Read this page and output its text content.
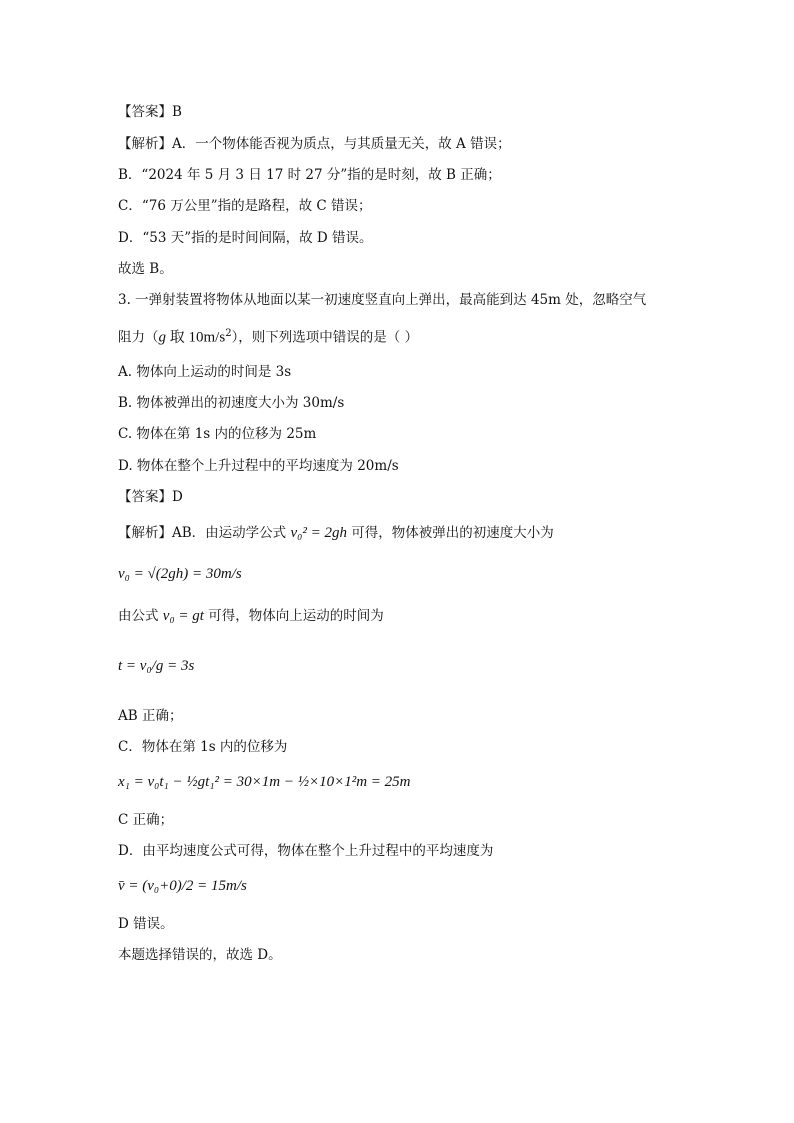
【答案】B
【解析】A．一个物体能否视为质点，与其质量无关，故 A 错误；
B．“2024 年 5 月 3 日 17 时 27 分”指的是时刻，故 B 正确；
C．“76 万公里”指的是路程，故 C 错误；
D．“53 天”指的是时间间隔，故 D 错误。
故选 B。
3. 一弹射装置将物体从地面以某一初速度竖直向上弹出，最高能到达 45m 处，忽略空气
阻力（g 取 $10m/s^2$），则下列选项中错误的是（ ）
A. 物体向上运动的时间是 3s
B. 物体被弹出的初速度大小为 30m/s
C. 物体在第 1s 内的位移为 25m
D. 物体在整个上升过程中的平均速度为 20m/s
【答案】D
【解析】AB．由运动学公式 v₀² = 2gh 可得，物体被弹出的初速度大小为
v₀ = √(2gh) = 30m/s
由公式 v₀ = gt 可得，物体向上运动的时间为
t = v₀/g = 3s
AB 正确；
C．物体在第 1s 内的位移为
x₁ = v₀t₁ − ½gt₁² = 30×1m − ½×10×1²m = 25m
C 正确；
D．由平均速度公式可得，物体在整个上升过程中的平均速度为
v̄ = (v₀+0)/2 = 15m/s
D 错误。
本题选择错误的，故选 D。
